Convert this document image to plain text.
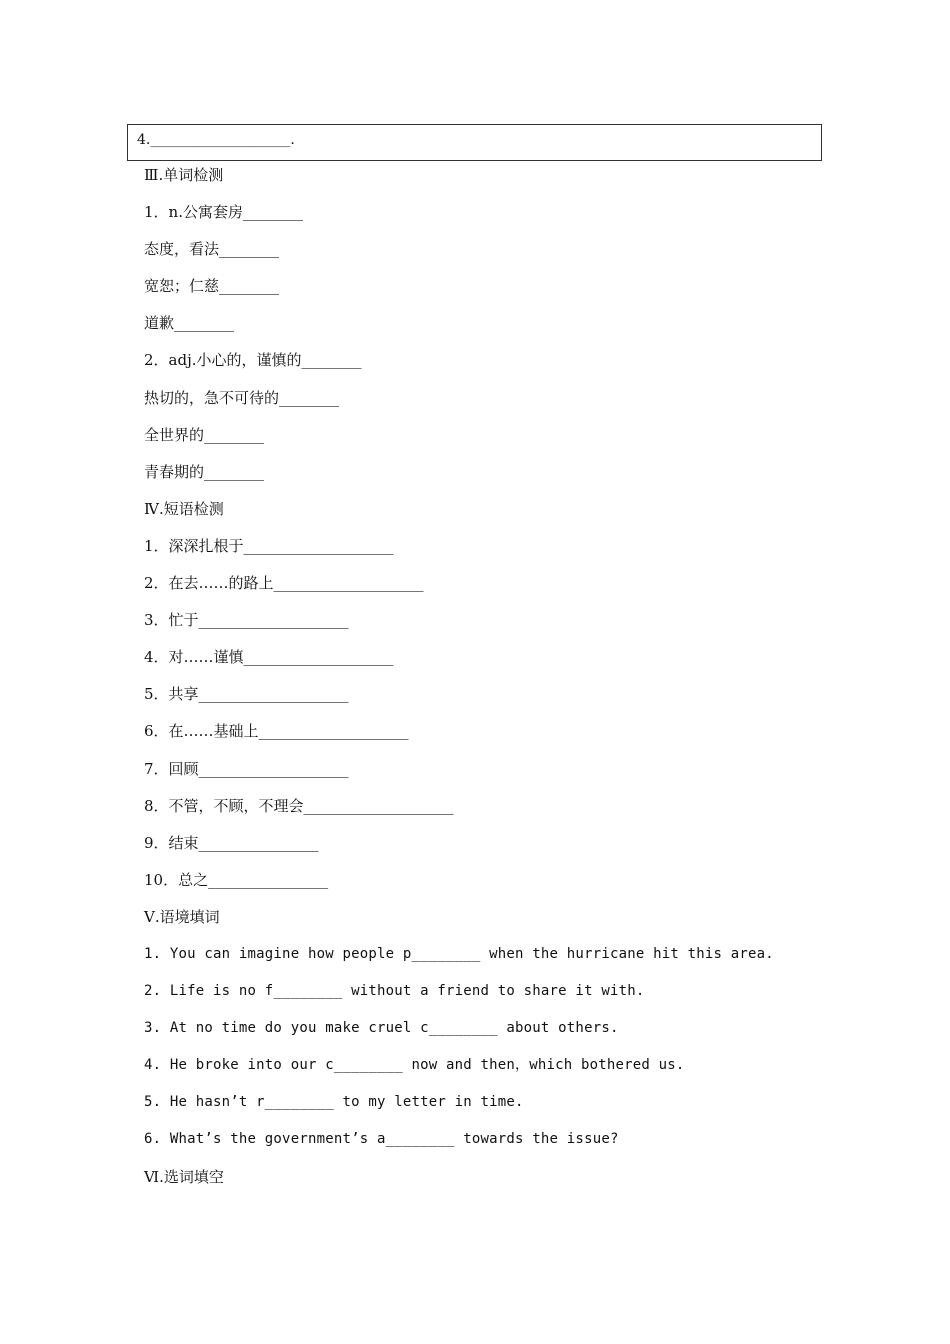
4.____________________.
Ⅲ.单词检测
1．n.公寓套房________
态度，看法________
宽恕；仁慈________
道歉________
2．adj.小心的，谨慎的________
热切的，急不可待的________
全世界的________
青春期的________
Ⅳ.短语检测
1．深深扎根于____________________
2．在去……的路上____________________
3．忙于____________________
4．对……谨慎____________________
5．共享____________________
6．在……基础上____________________
7．回顾____________________
8．不管，不顾，不理会____________________
9．结束________________
10．总之________________
Ⅴ.语境填词
1. You can imagine how people p________ when the hurricane hit this area.
2. Life is no f________ without a friend to share it with.
3. At no time do you make cruel c________ about others.
4. He broke into our c________ now and then，which bothered us.
5. He hasn’t r________ to my letter in time.
6. What’s the government’s a________ towards the issue?
Ⅵ.选词填空
